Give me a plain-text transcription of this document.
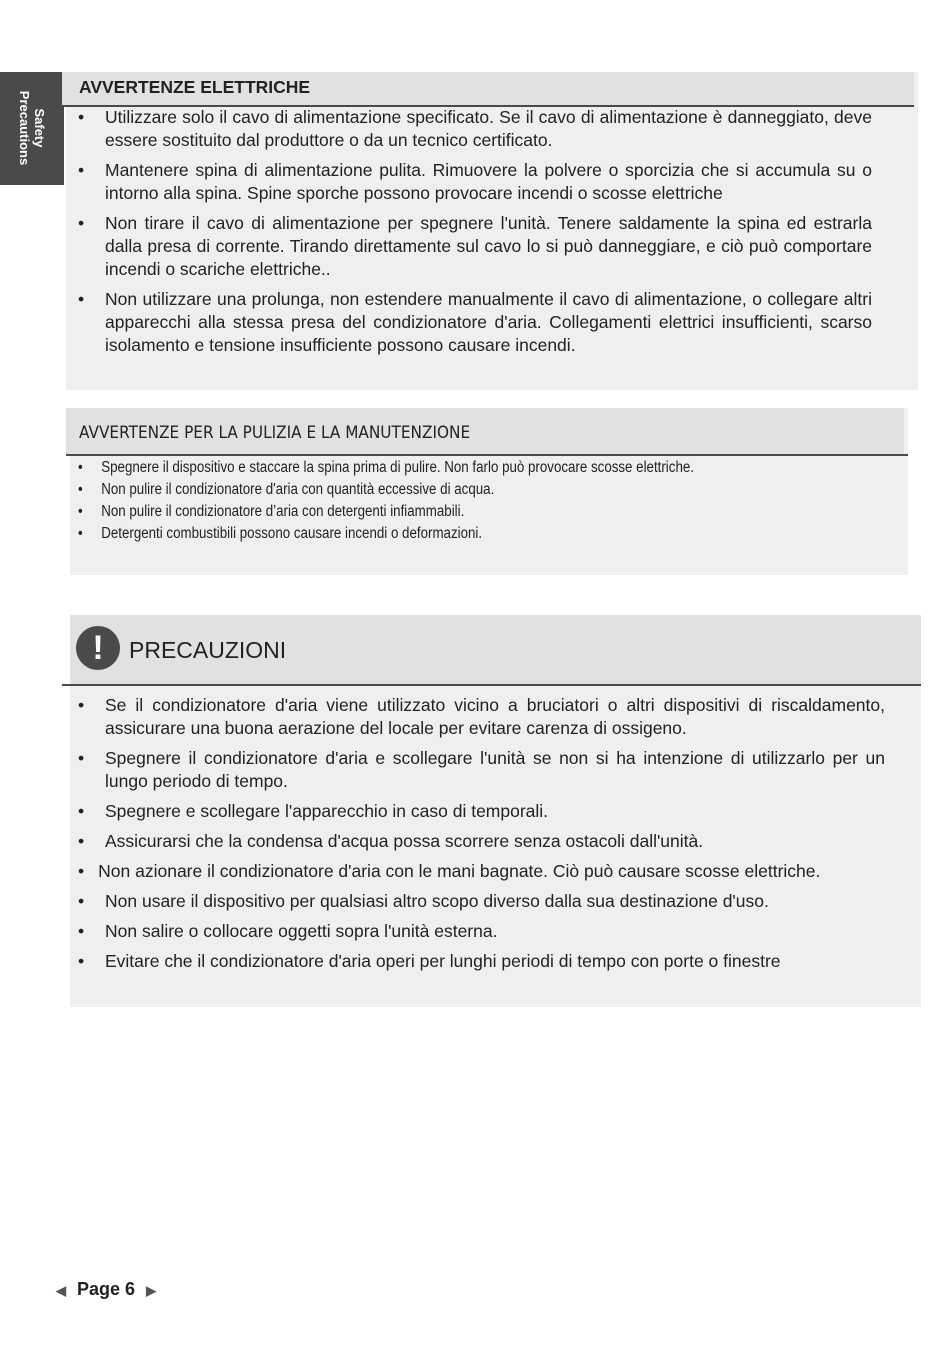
Safety
Precautions
AVVERTENZE ELETTRICHE
• Utilizzare solo il cavo di alimentazione specificato. Se il cavo di alimentazione è danneggiato, deve essere sostituito dal produttore o da un tecnico certificato.
• Mantenere spina di alimentazione pulita. Rimuovere la polvere o sporcizia che si accumula su o intorno alla spina. Spine sporche possono provocare incendi o scosse elettriche
• Non tirare il cavo di alimentazione per spegnere l'unità. Tenere saldamente la spina ed estrarla dalla presa di corrente. Tirando direttamente sul cavo lo si può danneggiare, e ciò può comportare incendi o scariche elettriche..
• Non utilizzare una prolunga, non estendere manualmente il cavo di alimentazione, o collegare altri apparecchi alla stessa presa del condizionatore d'aria. Collegamenti elettrici insufficienti, scarso isolamento e tensione insufficiente possono causare incendi.
AVVERTENZE PER LA PULIZIA E LA MANUTENZIONE
• Spegnere il dispositivo e staccare la spina prima di pulire. Non farlo può provocare scosse elettriche.
• Non pulire il condizionatore d'aria con quantità eccessive di acqua.
• Non pulire il condizionatore d’aria con detergenti infiammabili.
• Detergenti combustibili possono causare incendi o deformazioni.
!	PRECAUZIONI
• Se il condizionatore d'aria viene utilizzato vicino a bruciatori o altri dispositivi di riscaldamento, assicurare una buona aerazione del locale per evitare carenza di ossigeno.
• Spegnere il condizionatore d'aria e scollegare l'unità se non si ha intenzione di utilizzarlo per un lungo periodo di tempo.
• Spegnere e scollegare l'apparecchio in caso di temporali.
• Assicurarsi che la condensa d'acqua possa scorrere senza ostacoli dall'unità.
• Non azionare il condizionatore d'aria con le mani bagnate. Ciò può causare scosse elettriche.
• Non usare il dispositivo per qualsiasi altro scopo diverso dalla sua destinazione d'uso.
• Non salire o collocare oggetti sopra l'unità esterna.
• Evitare che il condizionatore d'aria operi per lunghi periodi di tempo con porte o finestre
◀ Page 6 ▶
